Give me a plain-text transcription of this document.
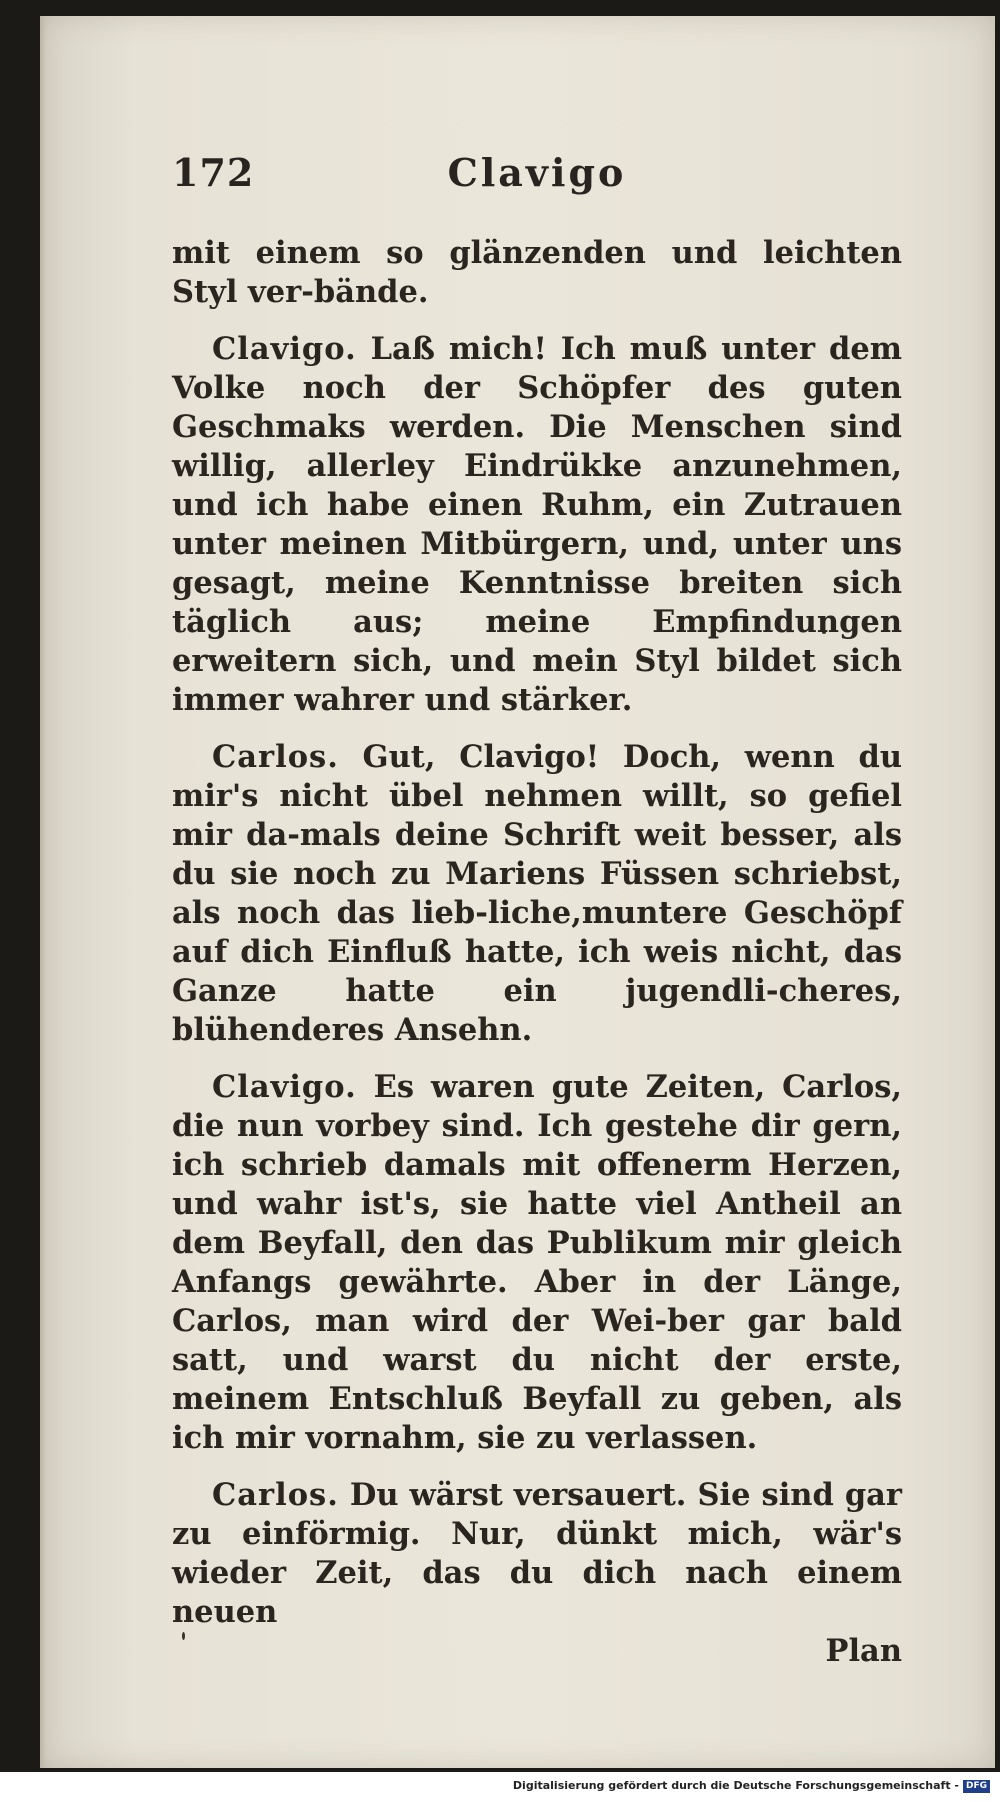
172	Clavigo

mit einem so glänzenden und leichten Styl ver-bände.

Clavigo. Laß mich! Ich muß unter dem Volke noch der Schöpfer des guten Geschmaks werden. Die Menschen sind willig, allerley Eindrükke anzunehmen, und ich habe einen Ruhm, ein Zutrauen unter meinen Mitbürgern, und, unter uns gesagt, meine Kenntnisse breiten sich täglich aus; meine Empfindungen erweitern sich, und mein Styl bildet sich immer wahrer und stärker.

Carlos. Gut, Clavigo! Doch, wenn du mir's nicht übel nehmen willt, so gefiel mir da-mals deine Schrift weit besser, als du sie noch zu Mariens Füssen schriebst, als noch das lieb-liche,muntere Geschöpf auf dich Einfluß hatte, ich weis nicht, das Ganze hatte ein jugendli-cheres, blühenderes Ansehn.

Clavigo. Es waren gute Zeiten, Carlos, die nun vorbey sind. Ich gestehe dir gern, ich schrieb damals mit offenerm Herzen, und wahr ist's, sie hatte viel Antheil an dem Beyfall, den das Publikum mir gleich Anfangs gewährte. Aber in der Länge, Carlos, man wird der Wei-ber gar bald satt, und warst du nicht der erste, meinem Entschluß Beyfall zu geben, als ich mir vornahm, sie zu verlassen.

Carlos. Du wärst versauert. Sie sind gar zu einförmig. Nur, dünkt mich, wär's wieder Zeit, das du dich nach einem neuen

Plan

Digitalisierung gefördert durch die Deutsche Forschungsgemeinschaft - DFG
